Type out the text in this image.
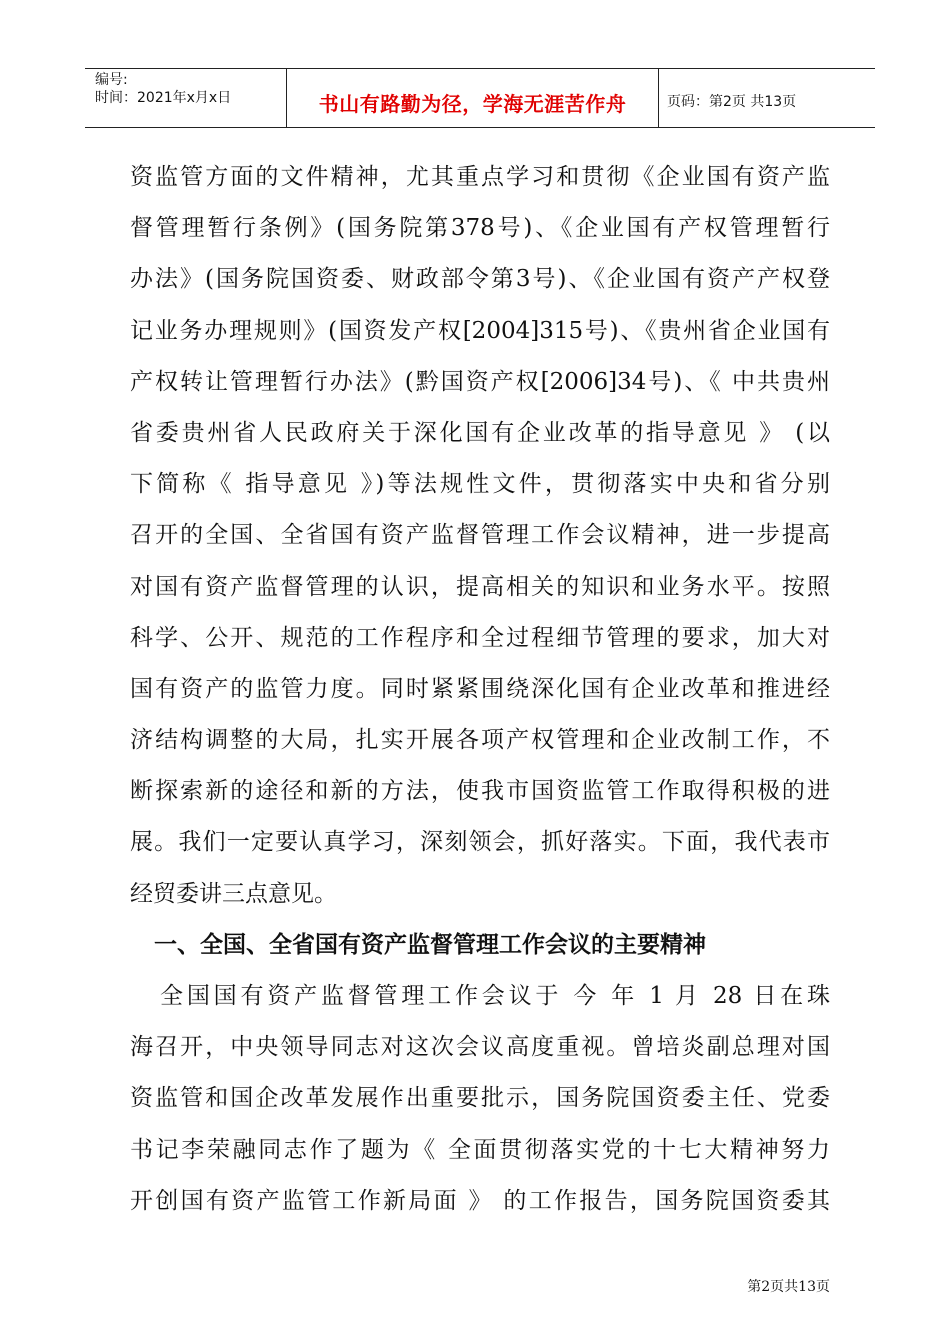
编号:
时间：2021年x月x日	书山有路勤为径，学海无涯苦作舟	页码：第2页 共13页
资监管方面的文件精神，尤其重点学习和贯彻《企业国有资产监
督管理暂行条例》(国务院第378号)、《企业国有产权管理暂行
办法》(国务院国资委、财政部令第3号)、《企业国有资产产权登
记业务办理规则》(国资发产权[2004]315号)、《贵州省企业国有
产权转让管理暂行办法》(黔国资产权[2006]34号)、《 中共贵州
省委贵州省人民政府关于深化国有企业改革的指导意见 》 (以
下简称《 指导意见 》)等法规性文件，贯彻落实中央和省分别
召开的全国、全省国有资产监督管理工作会议精神，进一步提高
对国有资产监督管理的认识，提高相关的知识和业务水平。按照
科学、公开、规范的工作程序和全过程细节管理的要求，加大对
国有资产的监管力度。同时紧紧围绕深化国有企业改革和推进经
济结构调整的大局，扎实开展各项产权管理和企业改制工作，不
断探索新的途径和新的方法，使我市国资监管工作取得积极的进
展。我们一定要认真学习，深刻领会，抓好落实。下面，我代表市
经贸委讲三点意见。
一、全国、全省国有资产监督管理工作会议的主要精神
全国国有资产监督管理工作会议于 今 年 1 月 28 日在珠
海召开，中央领导同志对这次会议高度重视。曾培炎副总理对国
资监管和国企改革发展作出重要批示，国务院国资委主任、党委
书记李荣融同志作了题为《 全面贯彻落实党的十七大精神努力
开创国有资产监管工作新局面 》 的工作报告，国务院国资委其
第2页共13页
